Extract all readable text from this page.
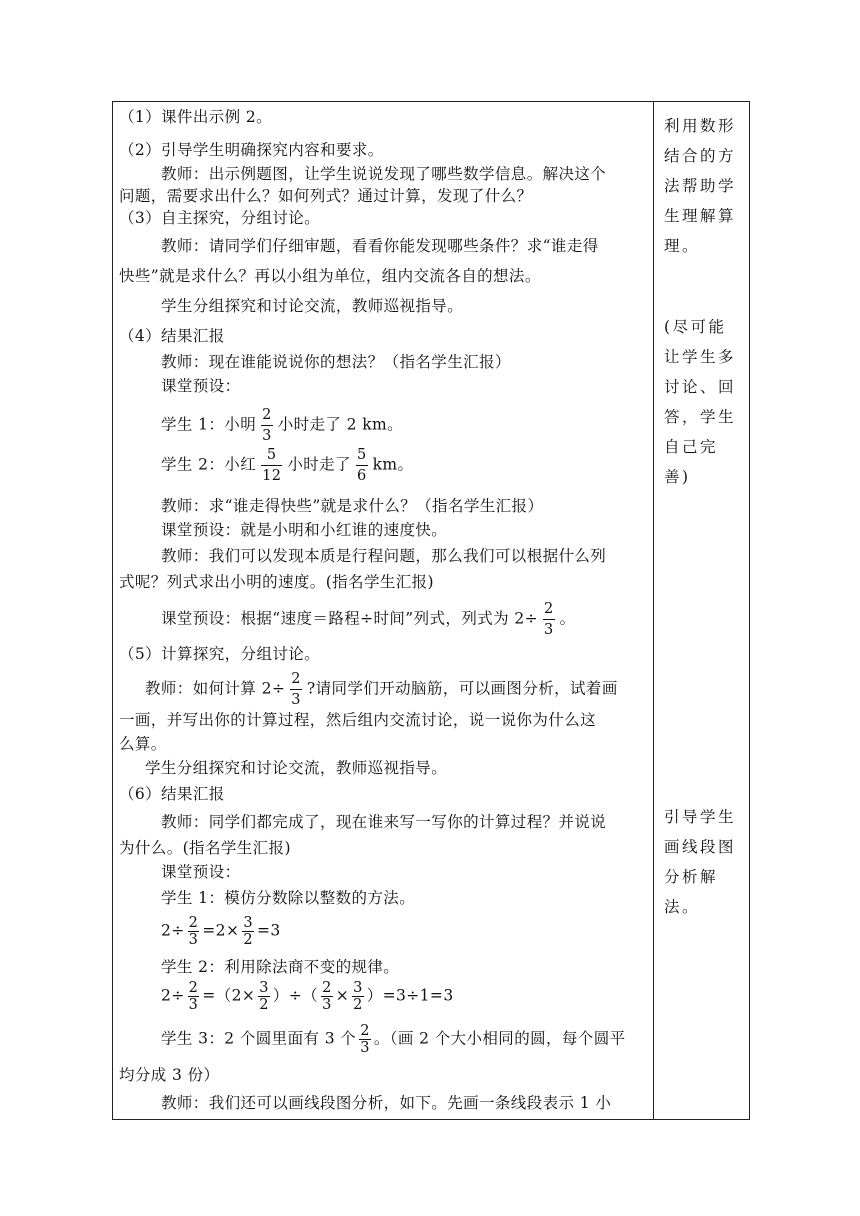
（1）课件出示例 2。
（2）引导学生明确探究内容和要求。
教师：出示例题图，让学生说说发现了哪些数学信息。解决这个
问题，需要求出什么？如何列式？通过计算，发现了什么？
（3）自主探究，分组讨论。
教师：请同学们仔细审题，看看你能发现哪些条件？求“谁走得
快些”就是求什么？再以小组为单位，组内交流各自的想法。
学生分组探究和讨论交流，教师巡视指导。
（4）结果汇报
教师：现在谁能说说你的想法？（指名学生汇报）
课堂预设：
学生 1：小明 $\frac{2}{3}$ 小时走了 2 km。
学生 2：小红 $\frac{5}{12}$ 小时走了 $\frac{5}{6}$ km。
教师：求“谁走得快些”就是求什么？（指名学生汇报）
课堂预设：就是小明和小红谁的速度快。
教师：我们可以发现本质是行程问题，那么我们可以根据什么列
式呢？列式求出小明的速度。(指名学生汇报)
课堂预设：根据“速度＝路程÷时间”列式，列式为 $2\div \frac{2}{3}$ 。
（5）计算探究，分组讨论。
教师：如何计算 $2\div \frac{2}{3}$ ?请同学们开动脑筋，可以画图分析，试着画
一画，并写出你的计算过程，然后组内交流讨论，说一说你为什么这
么算。
学生分组探究和讨论交流，教师巡视指导。
（6）结果汇报
教师：同学们都完成了，现在谁来写一写你的计算过程？并说说
为什么。(指名学生汇报)
课堂预设：
学生 1：模仿分数除以整数的方法。
$2\div \frac{2}{3} =2\times \frac{3}{2} =3$
学生 2：利用除法商不变的规律。
$2\div \frac{2}{3} =(2\times \frac{3}{2}$ ）÷（ $\frac{2}{3} \times \frac{3}{2} )=3\div 1=3$
学生 3：2 个圆里面有 3 个 $\frac{2}{3}$ 。（画 2 个大小相同的圆，每个圆平
均分成 3 份）
教师：我们还可以画线段图分析，如下。先画一条线段表示 1 小
利用数形
结合的方
法帮助学
生理解算
理。
(尽可能
让学生多
讨论、回
答，学生
自己完
善)
引导学生
画线段图
分析解
法。
